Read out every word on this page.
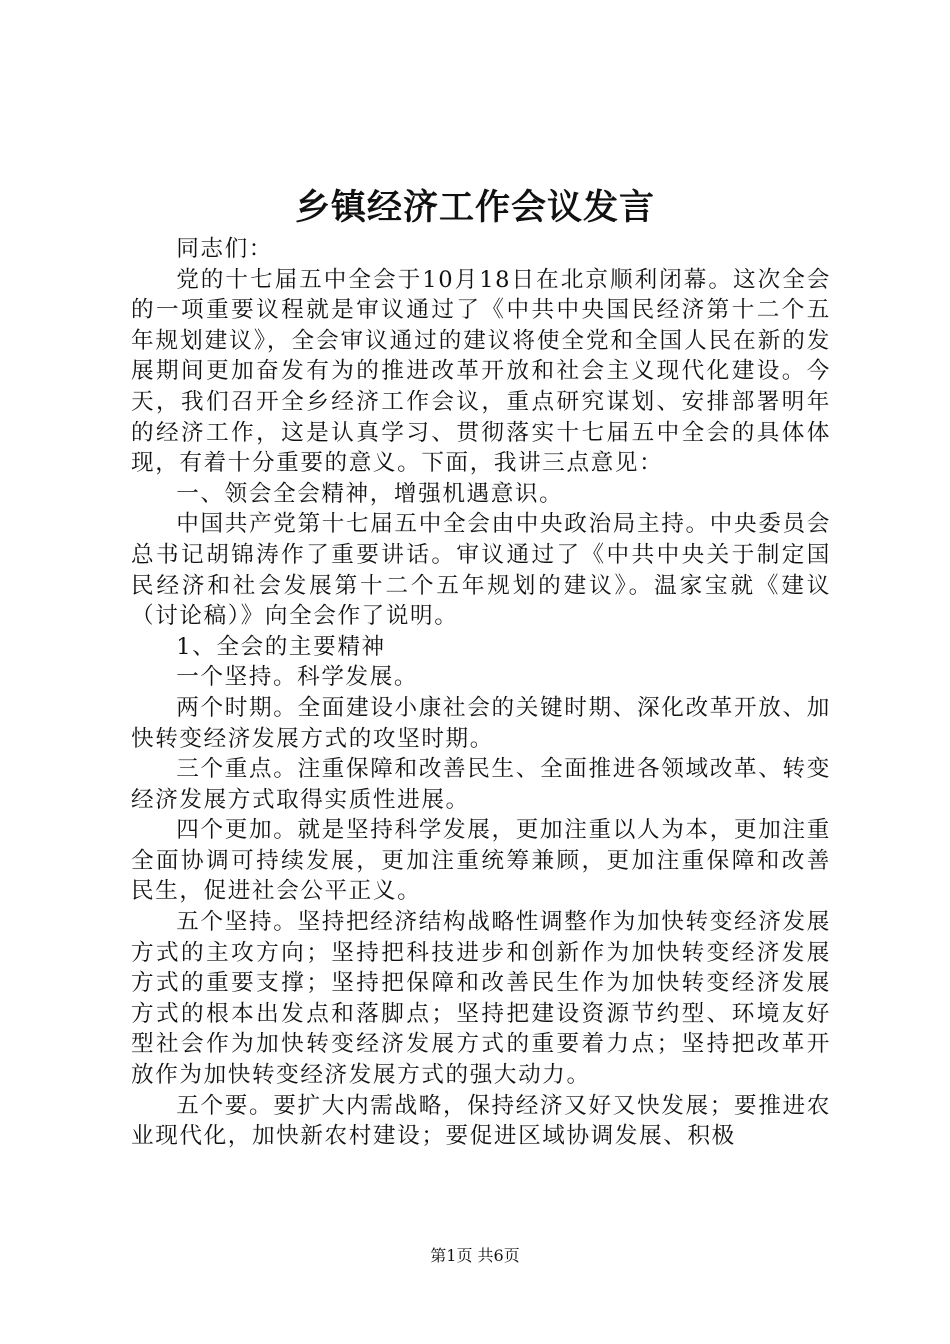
乡镇经济工作会议发言

同志们：

党的十七届五中全会于10月18日在北京顺利闭幕。这次全会的一项重要议程就是审议通过了《中共中央国民经济第十二个五年规划建议》，全会审议通过的建议将使全党和全国人民在新的发展期间更加奋发有为的推进改革开放和社会主义现代化建设。今天，我们召开全乡经济工作会议，重点研究谋划、安排部署明年的经济工作，这是认真学习、贯彻落实十七届五中全会的具体体现，有着十分重要的意义。下面，我讲三点意见：

一、领会全会精神，增强机遇意识。

中国共产党第十七届五中全会由中央政治局主持。中央委员会总书记胡锦涛作了重要讲话。审议通过了《中共中央关于制定国民经济和社会发展第十二个五年规划的建议》。温家宝就《建议（讨论稿）》向全会作了说明。

1、全会的主要精神

一个坚持。科学发展。

两个时期。全面建设小康社会的关键时期、深化改革开放、加快转变经济发展方式的攻坚时期。

三个重点。注重保障和改善民生、全面推进各领域改革、转变经济发展方式取得实质性进展。

四个更加。就是坚持科学发展，更加注重以人为本，更加注重全面协调可持续发展，更加注重统筹兼顾，更加注重保障和改善民生，促进社会公平正义。

五个坚持。坚持把经济结构战略性调整作为加快转变经济发展方式的主攻方向；坚持把科技进步和创新作为加快转变经济发展方式的重要支撑；坚持把保障和改善民生作为加快转变经济发展方式的根本出发点和落脚点；坚持把建设资源节约型、环境友好型社会作为加快转变经济发展方式的重要着力点；坚持把改革开放作为加快转变经济发展方式的强大动力。

五个要。要扩大内需战略，保持经济又好又快发展；要推进农业现代化，加快新农村建设；要促进区域协调发展、积极

第1页 共6页
